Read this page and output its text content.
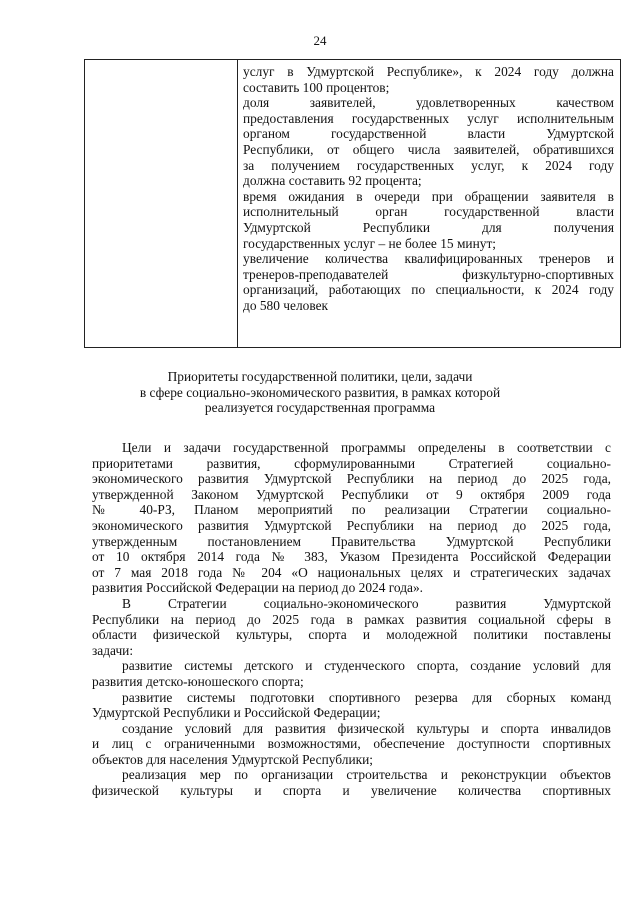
24
услуг в Удмуртской Республике», к 2024 году должна
составить 100 процентов;
доля заявителей, удовлетворенных качеством
предоставления государственных услуг исполнительным
органом государственной власти Удмуртской
Республики, от общего числа заявителей, обратившихся
за получением государственных услуг, к 2024 году
должна составить 92 процента;
время ожидания в очереди при обращении заявителя в
исполнительный орган государственной власти
Удмуртской Республики для получения
государственных услуг – не более 15 минут;
увеличение количества квалифицированных тренеров и
тренеров-преподавателей физкультурно-спортивных
организаций, работающих по специальности, к 2024 году
до 580 человек
Приоритеты государственной политики, цели, задачи
в сфере социально-экономического развития, в рамках которой
реализуется государственная программа
Цели и задачи государственной программы определены в соответствии с
приоритетами развития, сформулированными Стратегией социально-
экономического развития Удмуртской Республики на период до 2025 года,
утвержденной Законом Удмуртской Республики от 9 октября 2009 года
№ 40-РЗ, Планом мероприятий по реализации Стратегии социально-
экономического развития Удмуртской Республики на период до 2025 года,
утвержденным постановлением Правительства Удмуртской Республики
от 10 октября 2014 года № 383, Указом Президента Российской Федерации
от 7 мая 2018 года № 204 «О национальных целях и стратегических задачах
развития Российской Федерации на период до 2024 года».
В Стратегии социально-экономического развития Удмуртской
Республики на период до 2025 года в рамках развития социальной сферы в
области физической культуры, спорта и молодежной политики поставлены
задачи:
развитие системы детского и студенческого спорта, создание условий для
развития детско-юношеского спорта;
развитие системы подготовки спортивного резерва для сборных команд
Удмуртской Республики и Российской Федерации;
создание условий для развития физической культуры и спорта инвалидов
и лиц с ограниченными возможностями, обеспечение доступности спортивных
объектов для населения Удмуртской Республики;
реализация мер по организации строительства и реконструкции объектов
физической культуры и спорта и увеличение количества спортивных
